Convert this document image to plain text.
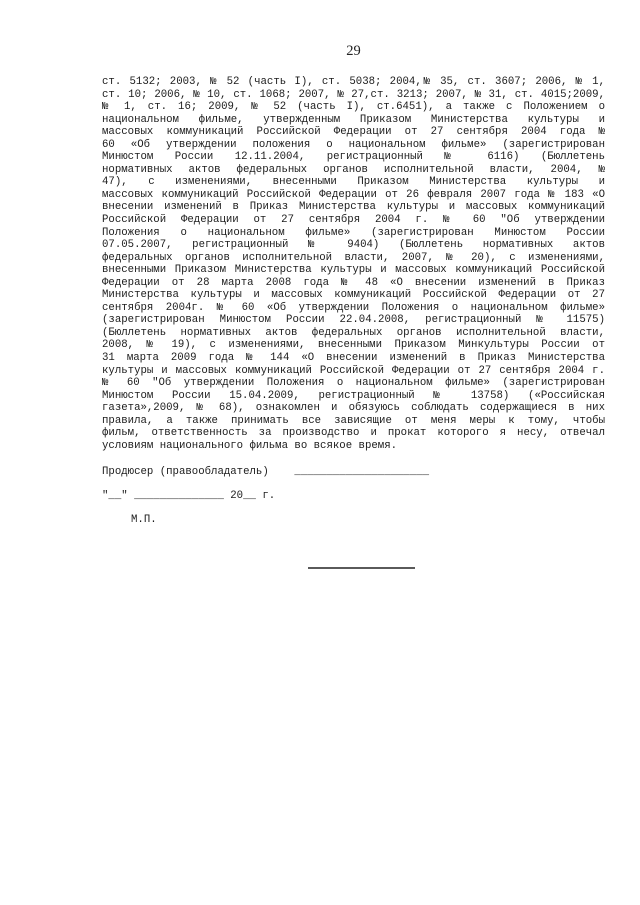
29
ст. 5132; 2003, № 52 (часть I), ст. 5038; 2004,№ 35, ст. 3607; 2006, № 1,
ст. 10; 2006, № 10, ст. 1068; 2007, № 27,ст. 3213; 2007, № 31, ст. 4015;2009,
№ 1, ст. 16; 2009, № 52 (часть I), ст.6451), а также с Положением о
национальном фильме, утвержденным Приказом Министерства культуры и
массовых коммуникаций Российской Федерации от 27 сентября 2004 года №
60 «Об утверждении положения о национальном фильме» (зарегистрирован
Минюстом России 12.11.2004, регистрационный № 6116) (Бюллетень
нормативных актов федеральных органов исполнительной власти, 2004, №
47), с изменениями, внесенными Приказом Министерства культуры и
массовых коммуникаций Российской Федерации от 26 февраля 2007 года № 183 «О
внесении изменений в Приказ Министерства культуры и массовых коммуникаций
Российской Федерации от 27 сентября 2004 г. № 60 "Об утверждении
Положения о национальном фильме» (зарегистрирован Минюстом России
07.05.2007, регистрационный № 9404) (Бюллетень нормативных актов
федеральных органов исполнительной власти, 2007, № 20), с изменениями,
внесенными Приказом Министерства культуры и массовых коммуникаций Российской
Федерации от 28 марта 2008 года № 48 «О внесении изменений в Приказ
Министерства культуры и массовых коммуникаций Российской Федерации от 27
сентября 2004г. № 60 «Об утверждении Положения о национальном фильме»
(зарегистрирован Минюстом России 22.04.2008, регистрационный № 11575)
(Бюллетень нормативных актов федеральных органов исполнительной власти,
2008, № 19), с изменениями, внесенными Приказом Минкультуры России от
31 марта 2009 года № 144 «О внесении изменений в Приказ Министерства
культуры и массовых коммуникаций Российской Федерации от 27 сентября 2004 г.
№ 60 "Об утверждении Положения о национальном фильме» (зарегистрирован
Минюстом России 15.04.2009, регистрационный № 13758) («Российская
газета»,2009, № 68), ознакомлен и обязуюсь соблюдать содержащиеся в них
правила, а также принимать все зависящие от меня меры к тому, чтобы
фильм, ответственность за производство и прокат которого я несу, отвечал
условиям национального фильма во всякое время.
Продюсер (правообладатель)    _____________________
"__" ______________ 20__ г.
М.П.
